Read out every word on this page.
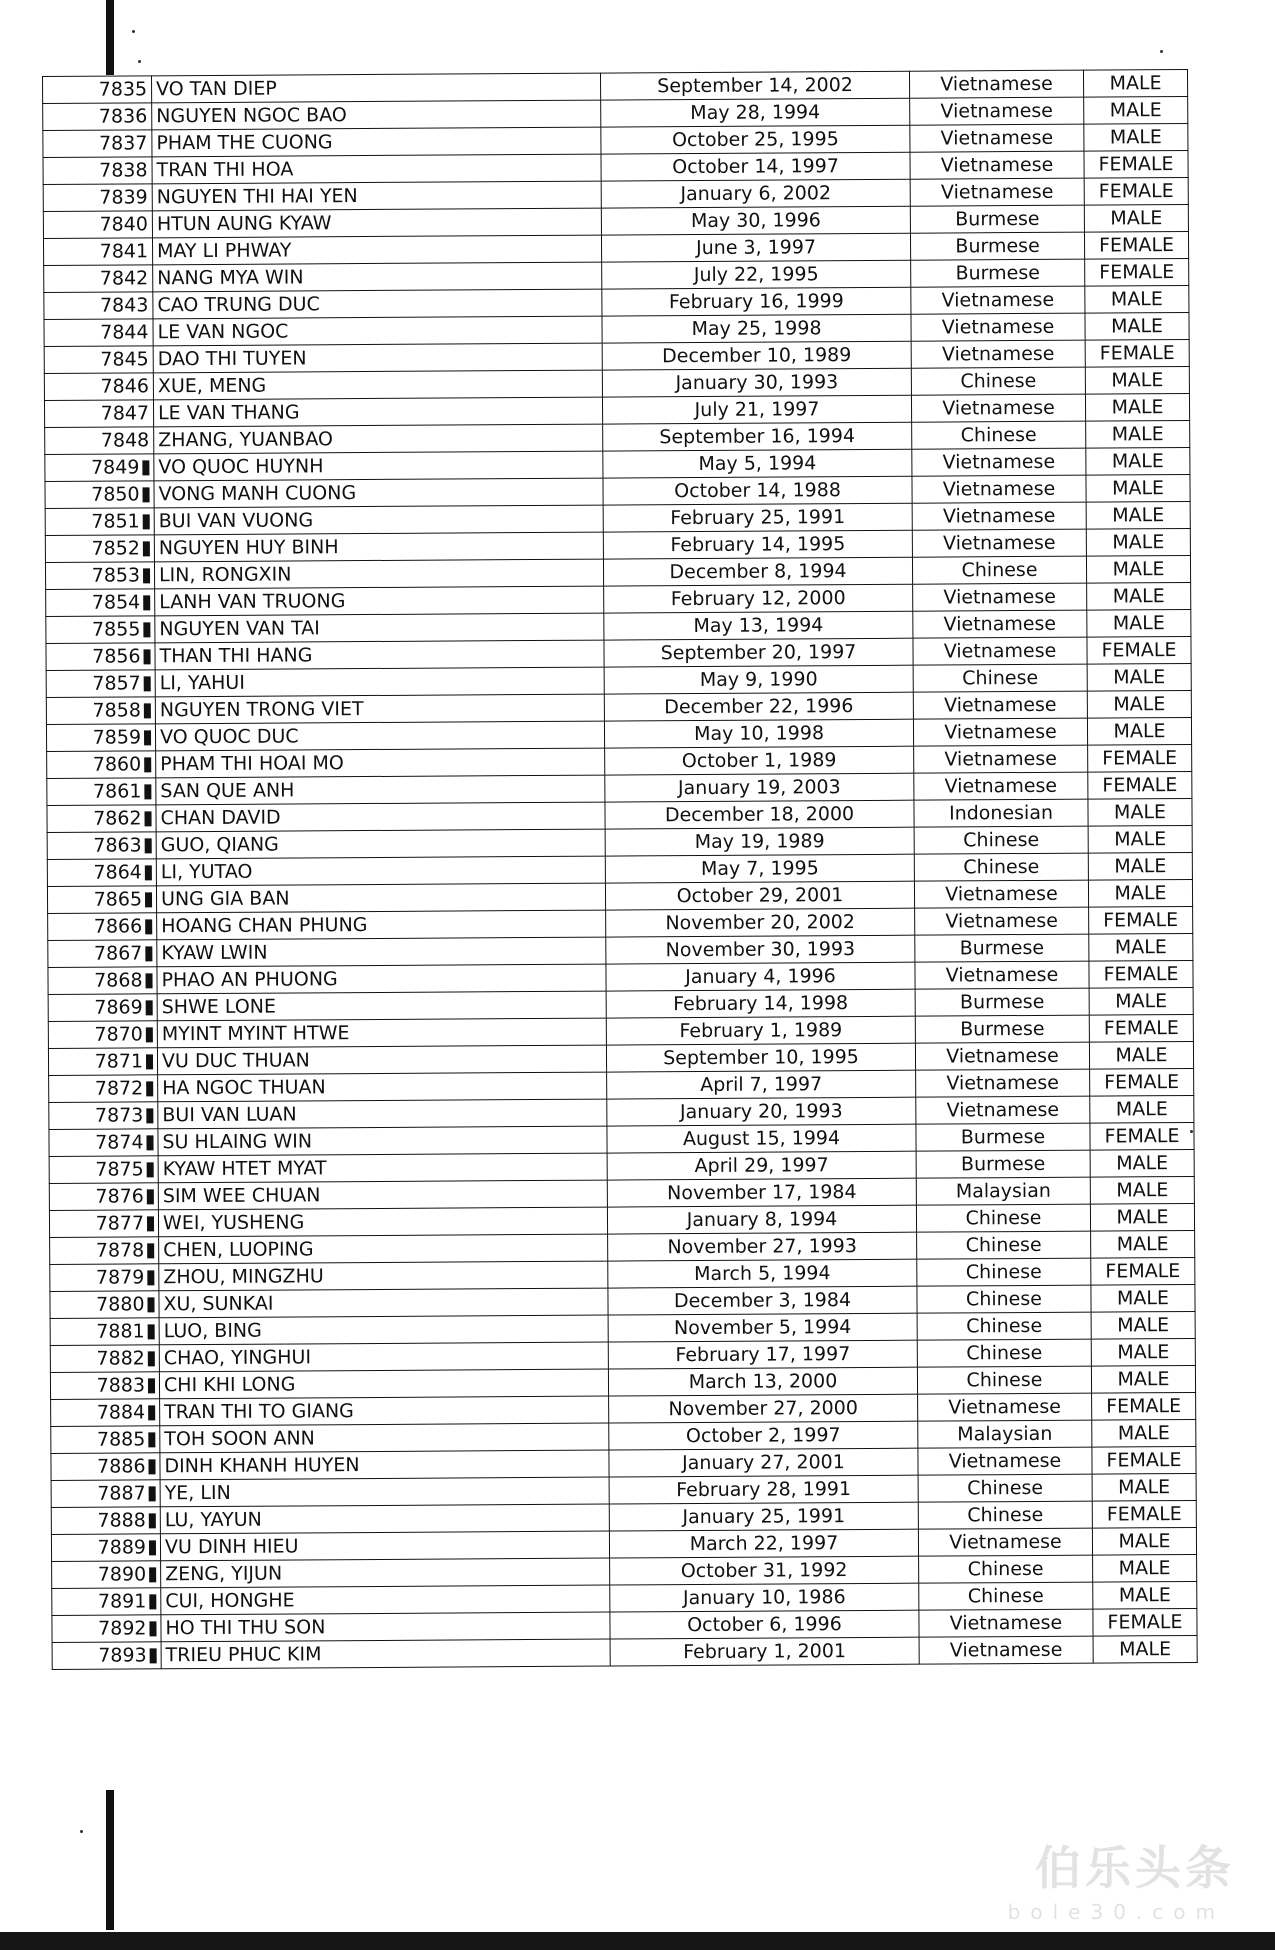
7835	VO TAN DIEP	September 14, 2002	Vietnamese	MALE
7836	NGUYEN NGOC BAO	May 28, 1994	Vietnamese	MALE
7837	PHAM THE CUONG	October 25, 1995	Vietnamese	MALE
7838	TRAN THI HOA	October 14, 1997	Vietnamese	FEMALE
7839	NGUYEN THI HAI YEN	January 6, 2002	Vietnamese	FEMALE
7840	HTUN AUNG KYAW	May 30, 1996	Burmese	MALE
7841	MAY LI PHWAY	June 3, 1997	Burmese	FEMALE
7842	NANG MYA WIN	July 22, 1995	Burmese	FEMALE
7843	CAO TRUNG DUC	February 16, 1999	Vietnamese	MALE
7844	LE VAN NGOC	May 25, 1998	Vietnamese	MALE
7845	DAO THI TUYEN	December 10, 1989	Vietnamese	FEMALE
7846	XUE, MENG	January 30, 1993	Chinese	MALE
7847	LE VAN THANG	July 21, 1997	Vietnamese	MALE
7848	ZHANG, YUANBAO	September 16, 1994	Chinese	MALE
7849	VO QUOC HUYNH	May 5, 1994	Vietnamese	MALE
7850	VONG MANH CUONG	October 14, 1988	Vietnamese	MALE
7851	BUI VAN VUONG	February 25, 1991	Vietnamese	MALE
7852	NGUYEN HUY BINH	February 14, 1995	Vietnamese	MALE
7853	LIN, RONGXIN	December 8, 1994	Chinese	MALE
7854	LANH VAN TRUONG	February 12, 2000	Vietnamese	MALE
7855	NGUYEN VAN TAI	May 13, 1994	Vietnamese	MALE
7856	THAN THI HANG	September 20, 1997	Vietnamese	FEMALE
7857	LI, YAHUI	May 9, 1990	Chinese	MALE
7858	NGUYEN TRONG VIET	December 22, 1996	Vietnamese	MALE
7859	VO QUOC DUC	May 10, 1998	Vietnamese	MALE
7860	PHAM THI HOAI MO	October 1, 1989	Vietnamese	FEMALE
7861	SAN QUE ANH	January 19, 2003	Vietnamese	FEMALE
7862	CHAN DAVID	December 18, 2000	Indonesian	MALE
7863	GUO, QIANG	May 19, 1989	Chinese	MALE
7864	LI, YUTAO	May 7, 1995	Chinese	MALE
7865	UNG GIA BAN	October 29, 2001	Vietnamese	MALE
7866	HOANG CHAN PHUNG	November 20, 2002	Vietnamese	FEMALE
7867	KYAW LWIN	November 30, 1993	Burmese	MALE
7868	PHAO AN PHUONG	January 4, 1996	Vietnamese	FEMALE
7869	SHWE LONE	February 14, 1998	Burmese	MALE
7870	MYINT MYINT HTWE	February 1, 1989	Burmese	FEMALE
7871	VU DUC THUAN	September 10, 1995	Vietnamese	MALE
7872	HA NGOC THUAN	April 7, 1997	Vietnamese	FEMALE
7873	BUI VAN LUAN	January 20, 1993	Vietnamese	MALE
7874	SU HLAING WIN	August 15, 1994	Burmese	FEMALE
7875	KYAW HTET MYAT	April 29, 1997	Burmese	MALE
7876	SIM WEE CHUAN	November 17, 1984	Malaysian	MALE
7877	WEI, YUSHENG	January 8, 1994	Chinese	MALE
7878	CHEN, LUOPING	November 27, 1993	Chinese	MALE
7879	ZHOU, MINGZHU	March 5, 1994	Chinese	FEMALE
7880	XU, SUNKAI	December 3, 1984	Chinese	MALE
7881	LUO, BING	November 5, 1994	Chinese	MALE
7882	CHAO, YINGHUI	February 17, 1997	Chinese	MALE
7883	CHI KHI LONG	March 13, 2000	Chinese	MALE
7884	TRAN THI TO GIANG	November 27, 2000	Vietnamese	FEMALE
7885	TOH SOON ANN	October 2, 1997	Malaysian	MALE
7886	DINH KHANH HUYEN	January 27, 2001	Vietnamese	FEMALE
7887	YE, LIN	February 28, 1991	Chinese	MALE
7888	LU, YAYUN	January 25, 1991	Chinese	FEMALE
7889	VU DINH HIEU	March 22, 1997	Vietnamese	MALE
7890	ZENG, YIJUN	October 31, 1992	Chinese	MALE
7891	CUI, HONGHE	January 10, 1986	Chinese	MALE
7892	HO THI THU SON	October 6, 1996	Vietnamese	FEMALE
7893	TRIEU PHUC KIM	February 1, 2001	Vietnamese	MALE
伯乐头条
bole30.com
